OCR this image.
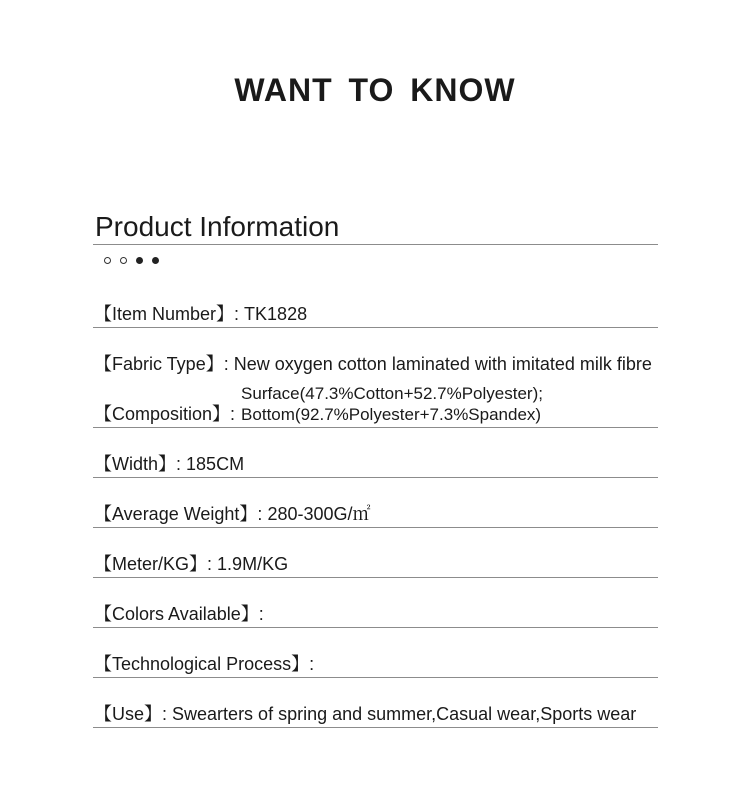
WANT TO KNOW
Product Information
【Item Number】: TK1828
【Fabric Type】: New oxygen cotton laminated with imitated milk fibre
【Composition】:
Surface(47.3%Cotton+52.7%Polyester);
Bottom(92.7%Polyester+7.3%Spandex)
【Width】: 185CM
【Average Weight】: 280-300G/㎡
【Meter/KG】: 1.9M/KG
【Colors Available】:
【Technological Process】:
【Use】: Swearters of spring and summer,Casual wear,Sports wear
